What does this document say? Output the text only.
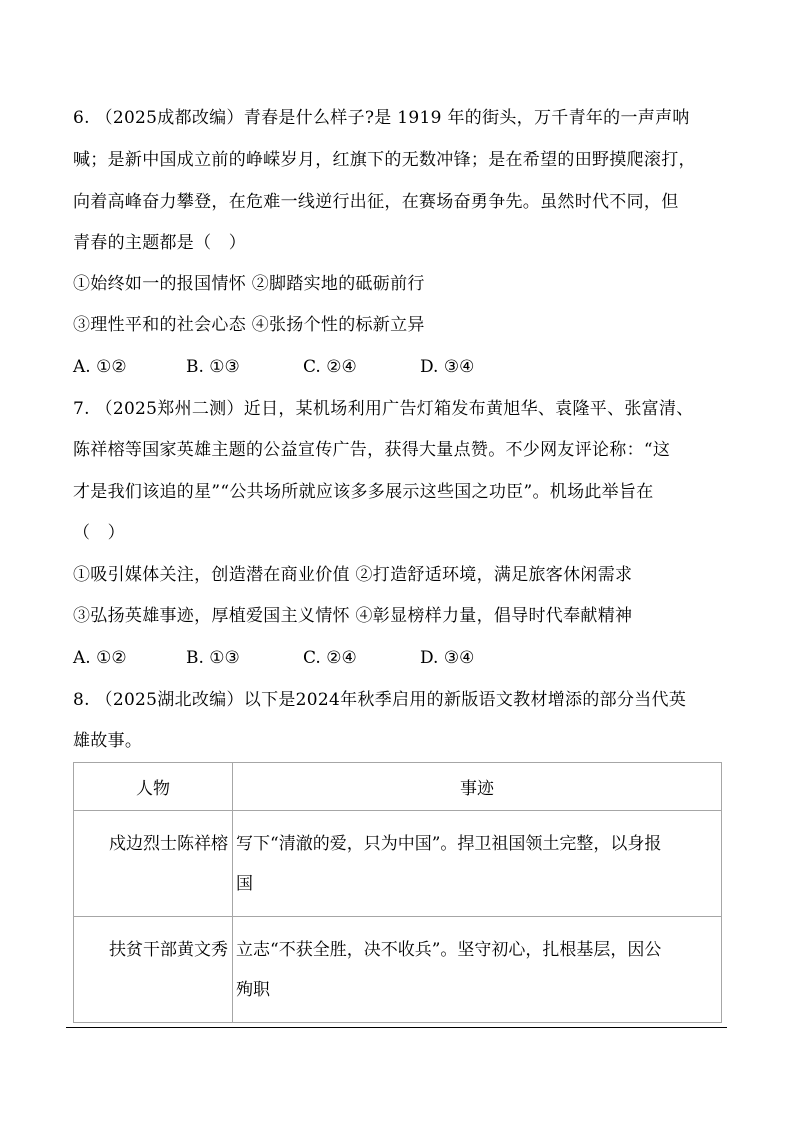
6. （2025成都改编）青春是什么样子?是 1919 年的街头，万千青年的一声声呐
喊；是新中国成立前的峥嵘岁月，红旗下的无数冲锋；是在希望的田野摸爬滚打，
向着高峰奋力攀登，在危难一线逆行出征，在赛场奋勇争先。虽然时代不同，但
青春的主题都是（　）
①始终如一的报国情怀 ②脚踏实地的砥砺前行
③理性平和的社会心态 ④张扬个性的标新立异
A. ①②	B. ①③	C. ②④	D. ③④
7. （2025郑州二测）近日，某机场利用广告灯箱发布黄旭华、袁隆平、张富清、
陈祥榕等国家英雄主题的公益宣传广告，获得大量点赞。不少网友评论称：“这
才是我们该追的星”“公共场所就应该多多展示这些国之功臣”。机场此举旨在
（　）
①吸引媒体关注，创造潜在商业价值 ②打造舒适环境，满足旅客休闲需求
③弘扬英雄事迹，厚植爱国主义情怀 ④彰显榜样力量，倡导时代奉献精神
A. ①②	B. ①③	C. ②④	D. ③④
8. （2025湖北改编）以下是2024年秋季启用的新版语文教材增添的部分当代英
雄故事。
人物	事迹
戍边烈士陈祥榕	写下“清澈的爱，只为中国”。捍卫祖国领土完整，以身报
国

扶贫干部黄文秀	立志“不获全胜，决不收兵”。坚守初心，扎根基层，因公
殉职
